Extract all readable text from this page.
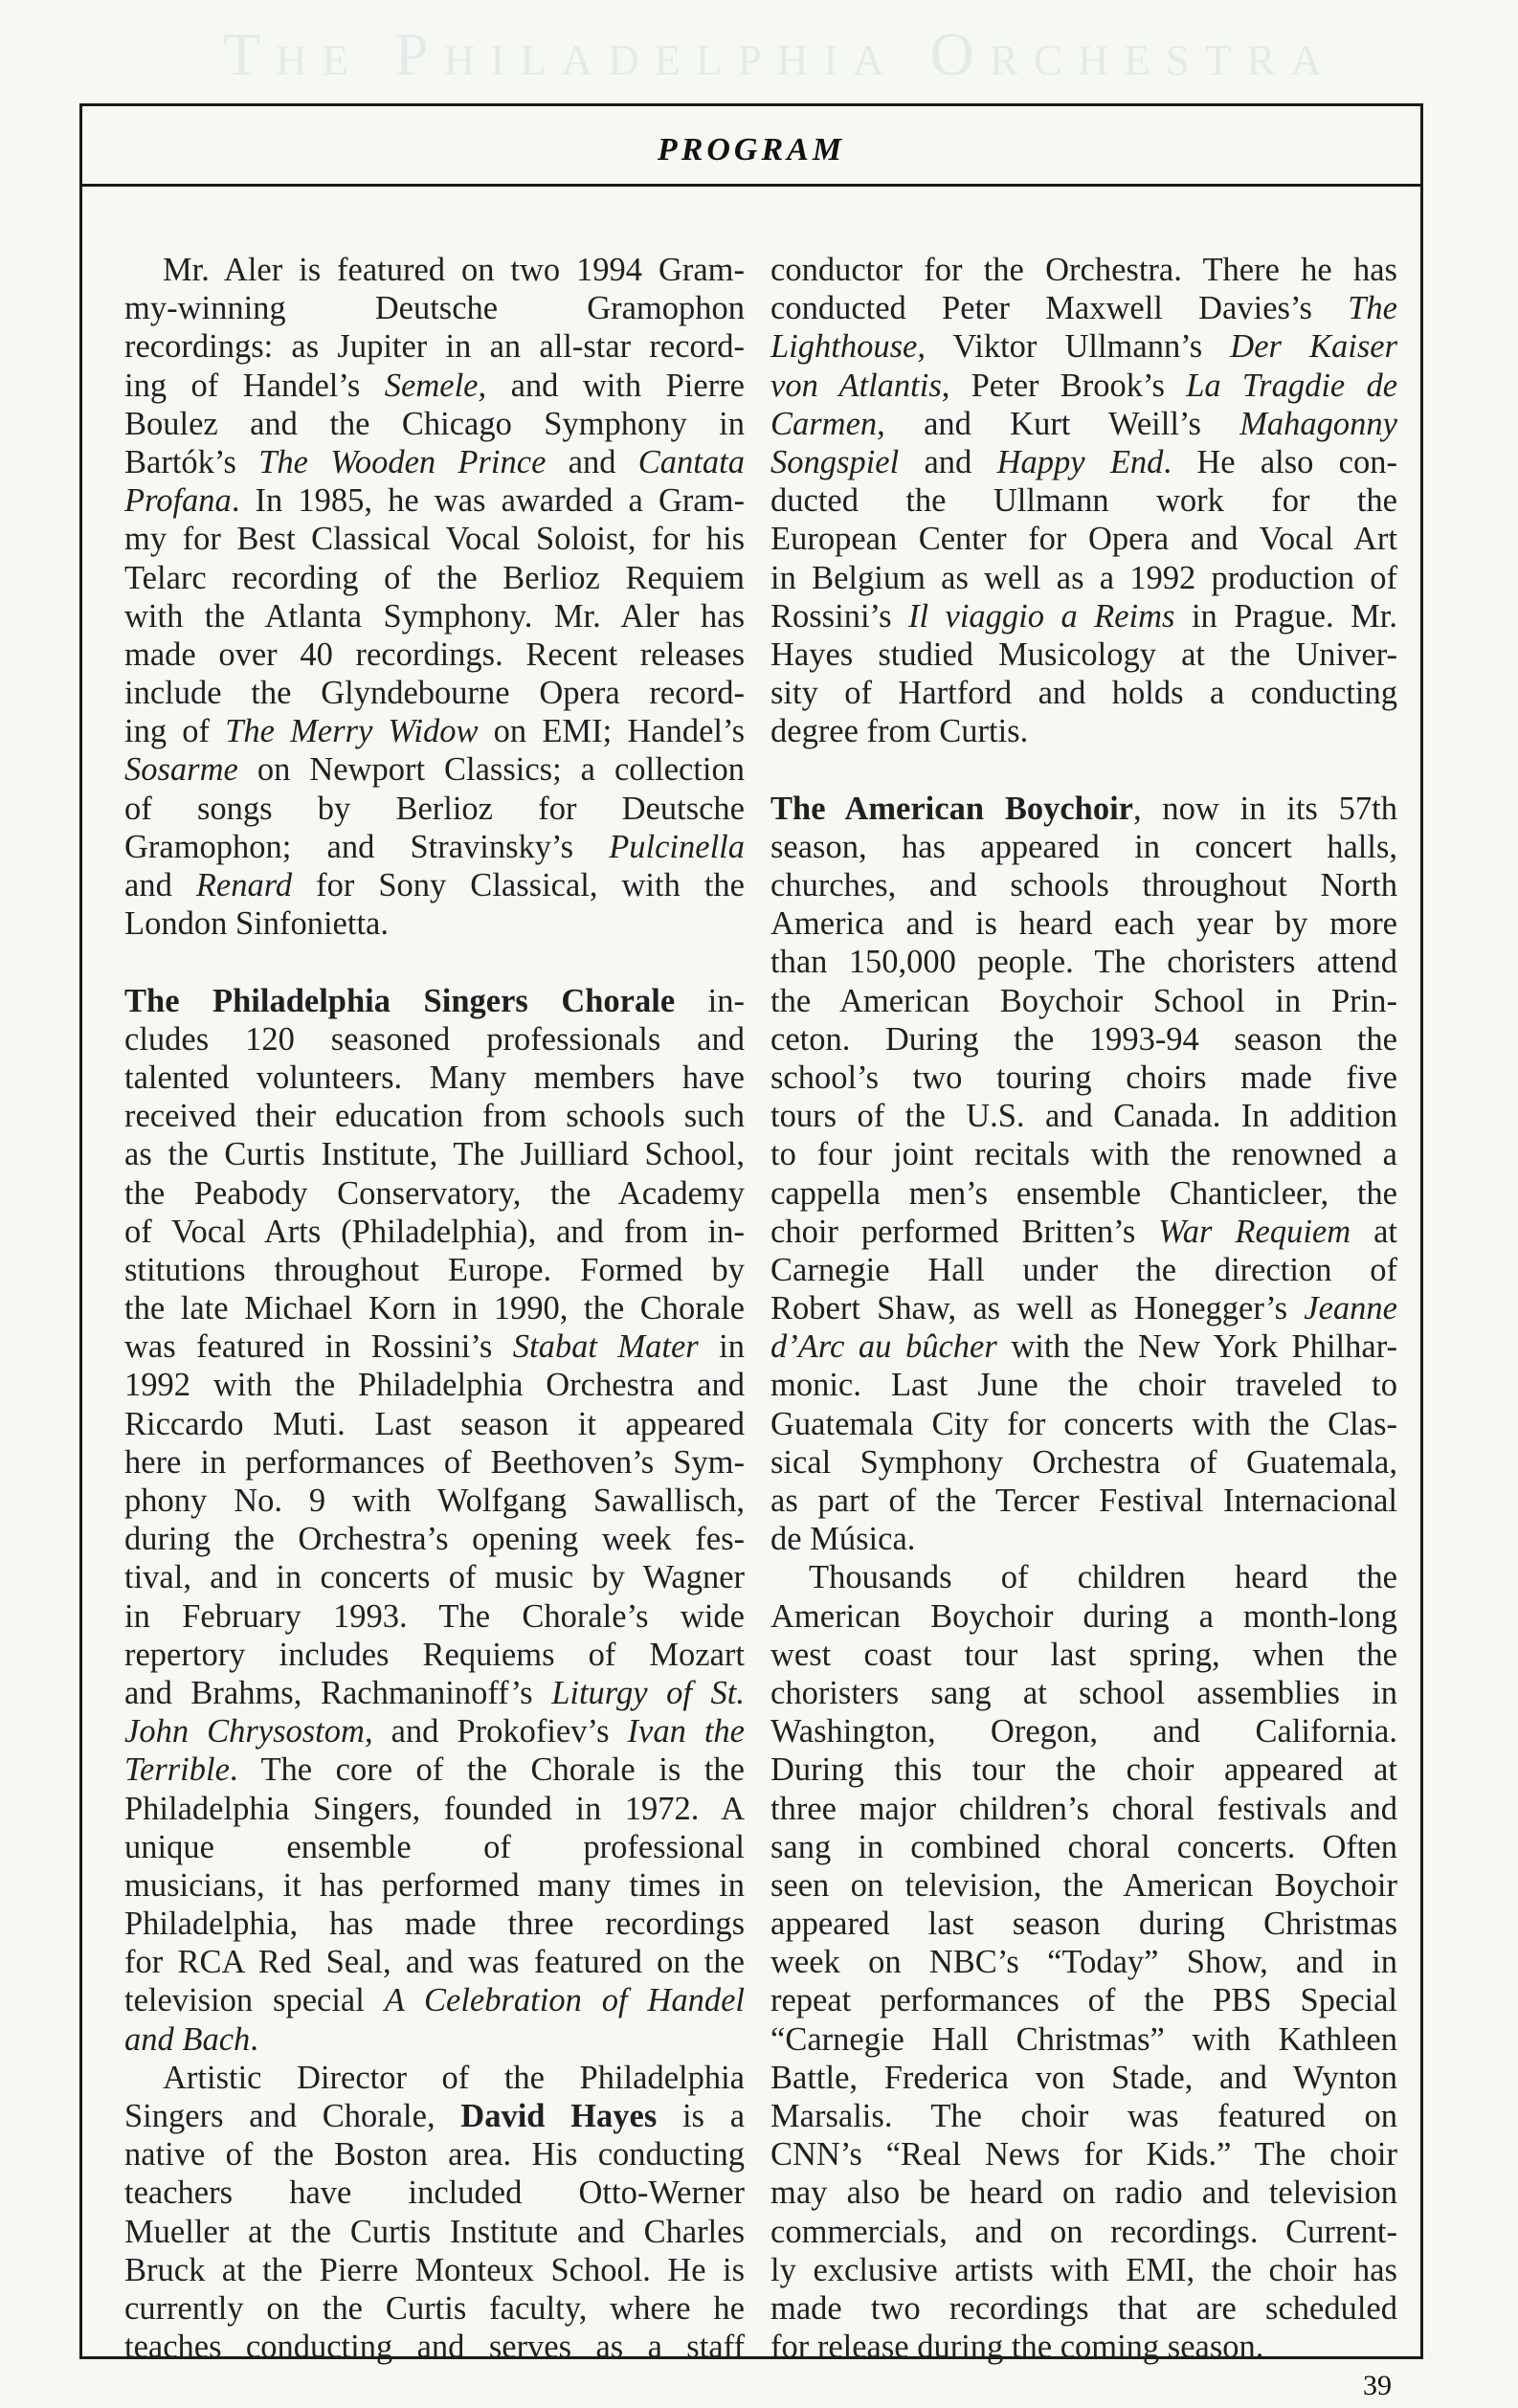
The Philadelphia Orchestra
PROGRAM
Mr. Aler is featured on two 1994 Gram-
my-winning Deutsche Gramophon
recordings: as Jupiter in an all-star record-
ing of Handel’s Semele, and with Pierre
Boulez and the Chicago Symphony in
Bartók’s The Wooden Prince and Cantata
Profana. In 1985, he was awarded a Gram-
my for Best Classical Vocal Soloist, for his
Telarc recording of the Berlioz Requiem
with the Atlanta Symphony. Mr. Aler has
made over 40 recordings. Recent releases
include the Glyndebourne Opera record-
ing of The Merry Widow on EMI; Handel’s
Sosarme on Newport Classics; a collection
of songs by Berlioz for Deutsche
Gramophon; and Stravinsky’s Pulcinella
and Renard for Sony Classical, with the
London Sinfonietta.
The Philadelphia Singers Chorale in-
cludes 120 seasoned professionals and
talented volunteers. Many members have
received their education from schools such
as the Curtis Institute, The Juilliard School,
the Peabody Conservatory, the Academy
of Vocal Arts (Philadelphia), and from in-
stitutions throughout Europe. Formed by
the late Michael Korn in 1990, the Chorale
was featured in Rossini’s Stabat Mater in
1992 with the Philadelphia Orchestra and
Riccardo Muti. Last season it appeared
here in performances of Beethoven’s Sym-
phony No. 9 with Wolfgang Sawallisch,
during the Orchestra’s opening week fes-
tival, and in concerts of music by Wagner
in February 1993. The Chorale’s wide
repertory includes Requiems of Mozart
and Brahms, Rachmaninoff’s Liturgy of St.
John Chrysostom, and Prokofiev’s Ivan the
Terrible. The core of the Chorale is the
Philadelphia Singers, founded in 1972. A
unique ensemble of professional
musicians, it has performed many times in
Philadelphia, has made three recordings
for RCA Red Seal, and was featured on the
television special A Celebration of Handel
and Bach.
Artistic Director of the Philadelphia
Singers and Chorale, David Hayes is a
native of the Boston area. His conducting
teachers have included Otto-Werner
Mueller at the Curtis Institute and Charles
Bruck at the Pierre Monteux School. He is
currently on the Curtis faculty, where he
teaches conducting and serves as a staff
conductor for the Orchestra. There he has
conducted Peter Maxwell Davies’s The
Lighthouse, Viktor Ullmann’s Der Kaiser
von Atlantis, Peter Brook’s La Tragdie de
Carmen, and Kurt Weill’s Mahagonny
Songspiel and Happy End. He also con-
ducted the Ullmann work for the
European Center for Opera and Vocal Art
in Belgium as well as a 1992 production of
Rossini’s Il viaggio a Reims in Prague. Mr.
Hayes studied Musicology at the Univer-
sity of Hartford and holds a conducting
degree from Curtis.
The American Boychoir, now in its 57th
season, has appeared in concert halls,
churches, and schools throughout North
America and is heard each year by more
than 150,000 people. The choristers attend
the American Boychoir School in Prin-
ceton. During the 1993-94 season the
school’s two touring choirs made five
tours of the U.S. and Canada. In addition
to four joint recitals with the renowned a
cappella men’s ensemble Chanticleer, the
choir performed Britten’s War Requiem at
Carnegie Hall under the direction of
Robert Shaw, as well as Honegger’s Jeanne
d’Arc au bûcher with the New York Philhar-
monic. Last June the choir traveled to
Guatemala City for concerts with the Clas-
sical Symphony Orchestra of Guatemala,
as part of the Tercer Festival Internacional
de Música.
Thousands of children heard the
American Boychoir during a month-long
west coast tour last spring, when the
choristers sang at school assemblies in
Washington, Oregon, and California.
During this tour the choir appeared at
three major children’s choral festivals and
sang in combined choral concerts. Often
seen on television, the American Boychoir
appeared last season during Christmas
week on NBC’s “Today” Show, and in
repeat performances of the PBS Special
“Carnegie Hall Christmas” with Kathleen
Battle, Frederica von Stade, and Wynton
Marsalis. The choir was featured on
CNN’s “Real News for Kids.” The choir
may also be heard on radio and television
commercials, and on recordings. Current-
ly exclusive artists with EMI, the choir has
made two recordings that are scheduled
for release during the coming season.
39
